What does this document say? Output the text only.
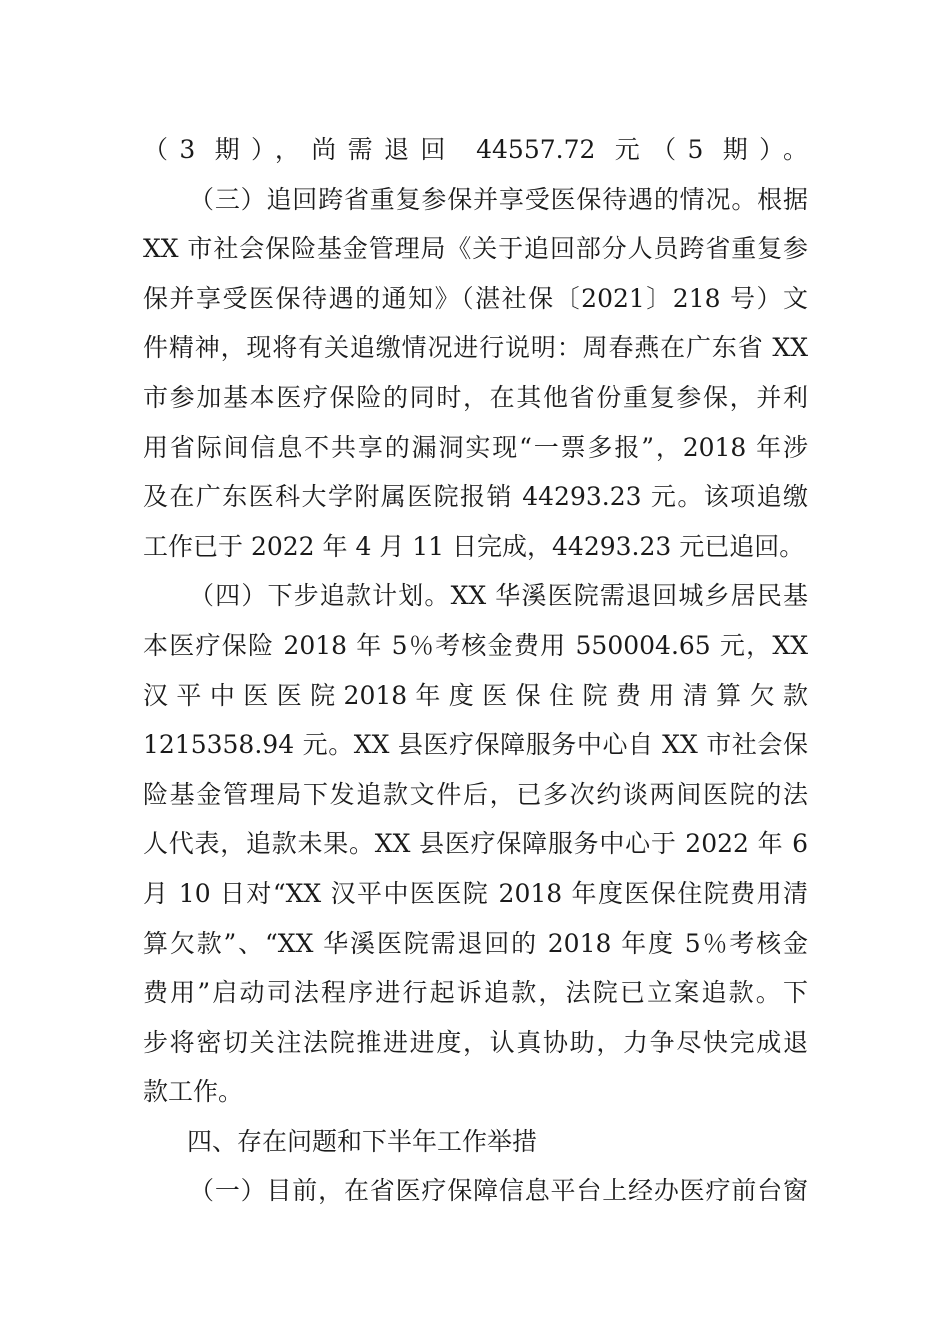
（3 期），尚需退回 44557.72 元（5 期）。
（三）追回跨省重复参保并享受医保待遇的情况。根据
XX 市社会保险基金管理局《关于追回部分人员跨省重复参
保并享受医保待遇的通知》（湛社保〔2021〕218 号）文
件精神，现将有关追缴情况进行说明：周春燕在广东省 XX
市参加基本医疗保险的同时，在其他省份重复参保，并利
用省际间信息不共享的漏洞实现“一票多报”，2018 年涉
及在广东医科大学附属医院报销 44293.23 元。该项追缴
工作已于 2022 年 4 月 11 日完成，44293.23 元已追回。
（四）下步追款计划。XX 华溪医院需退回城乡居民基
本医疗保险 2018 年 5％考核金费用 550004.65 元，XX
汉 平 中 医 医 院 2018 年 度 医 保 住 院 费 用 清 算 欠 款
1215358.94 元。XX 县医疗保障服务中心自 XX 市社会保
险基金管理局下发追款文件后，已多次约谈两间医院的法
人代表，追款未果。XX 县医疗保障服务中心于 2022 年 6
月 10 日对“XX 汉平中医医院 2018 年度医保住院费用清
算欠款”、“XX 华溪医院需退回的 2018 年度 5％考核金
费用”启动司法程序进行起诉追款，法院已立案追款。下
步将密切关注法院推进进度，认真协助，力争尽快完成退
款工作。
四、存在问题和下半年工作举措
（一）目前，在省医疗保障信息平台上经办医疗前台窗
